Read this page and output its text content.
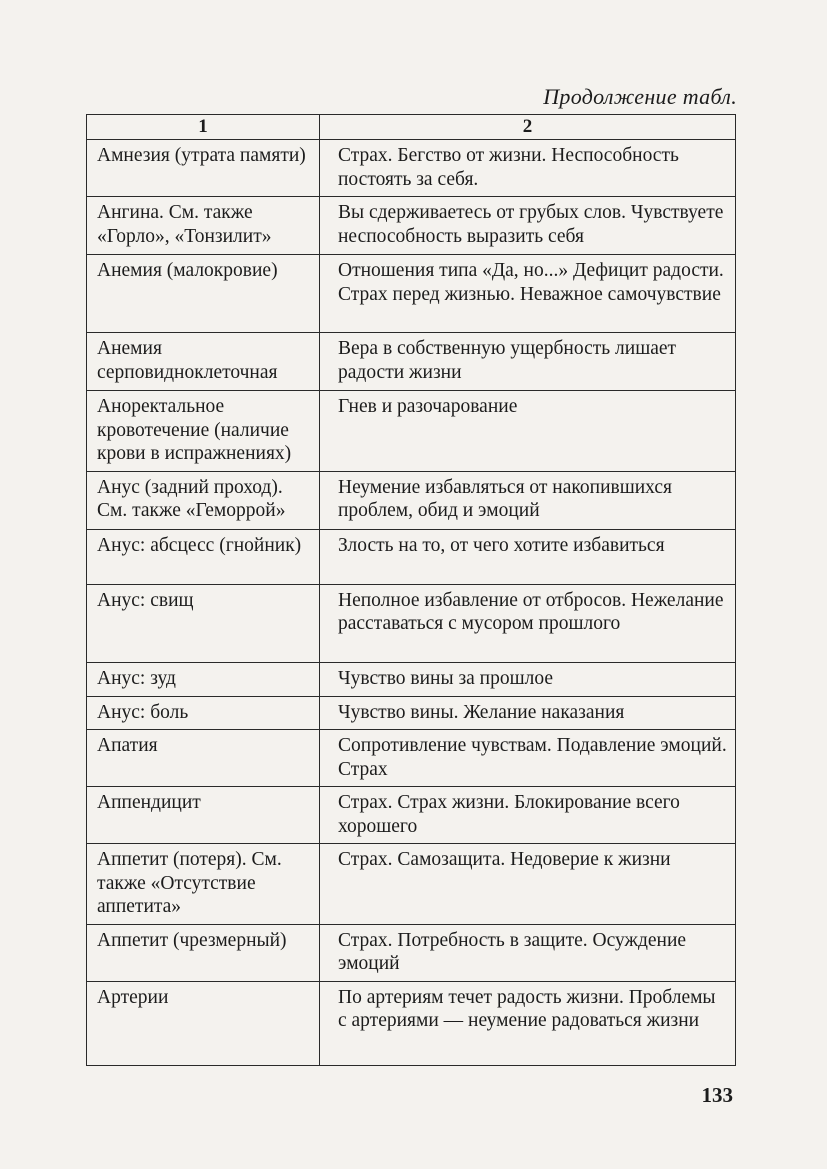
Продолжение табл.
1	2
Амнезия (утрата памяти)	Страх. Бегство от жизни. Неспособность постоять за себя.
Ангина. См. также «Горло», «Тонзилит»	Вы сдерживаетесь от грубых слов. Чувствуете неспособность выразить себя
Анемия (малокровие)	Отношения типа «Да, но...» Дефицит радости. Страх перед жизнью. Неважное самочувствие
Анемия серповидноклеточная	Вера в собственную ущербность лишает радости жизни
Аноректальное кровотечение (наличие крови в испражнениях)	Гнев и разочарование
Анус (задний проход). См. также «Геморрой»	Неумение избавляться от накопившихся проблем, обид и эмоций
Анус: абсцесс (гнойник)	Злость на то, от чего хотите избавиться
Анус: свищ	Неполное избавление от отбросов. Нежелание расставаться с мусором прошлого
Анус: зуд	Чувство вины за прошлое
Анус: боль	Чувство вины. Желание наказания
Апатия	Сопротивление чувствам. Подавление эмоций. Страх
Аппендицит	Страх. Страх жизни. Блокирование всего хорошего
Аппетит (потеря). См. также «Отсутствие аппетита»	Страх. Самозащита. Недоверие к жизни
Аппетит (чрезмерный)	Страх. Потребность в защите. Осуждение эмоций
Артерии	По артериям течет радость жизни. Проблемы с артериями — неумение радоваться жизни
133
